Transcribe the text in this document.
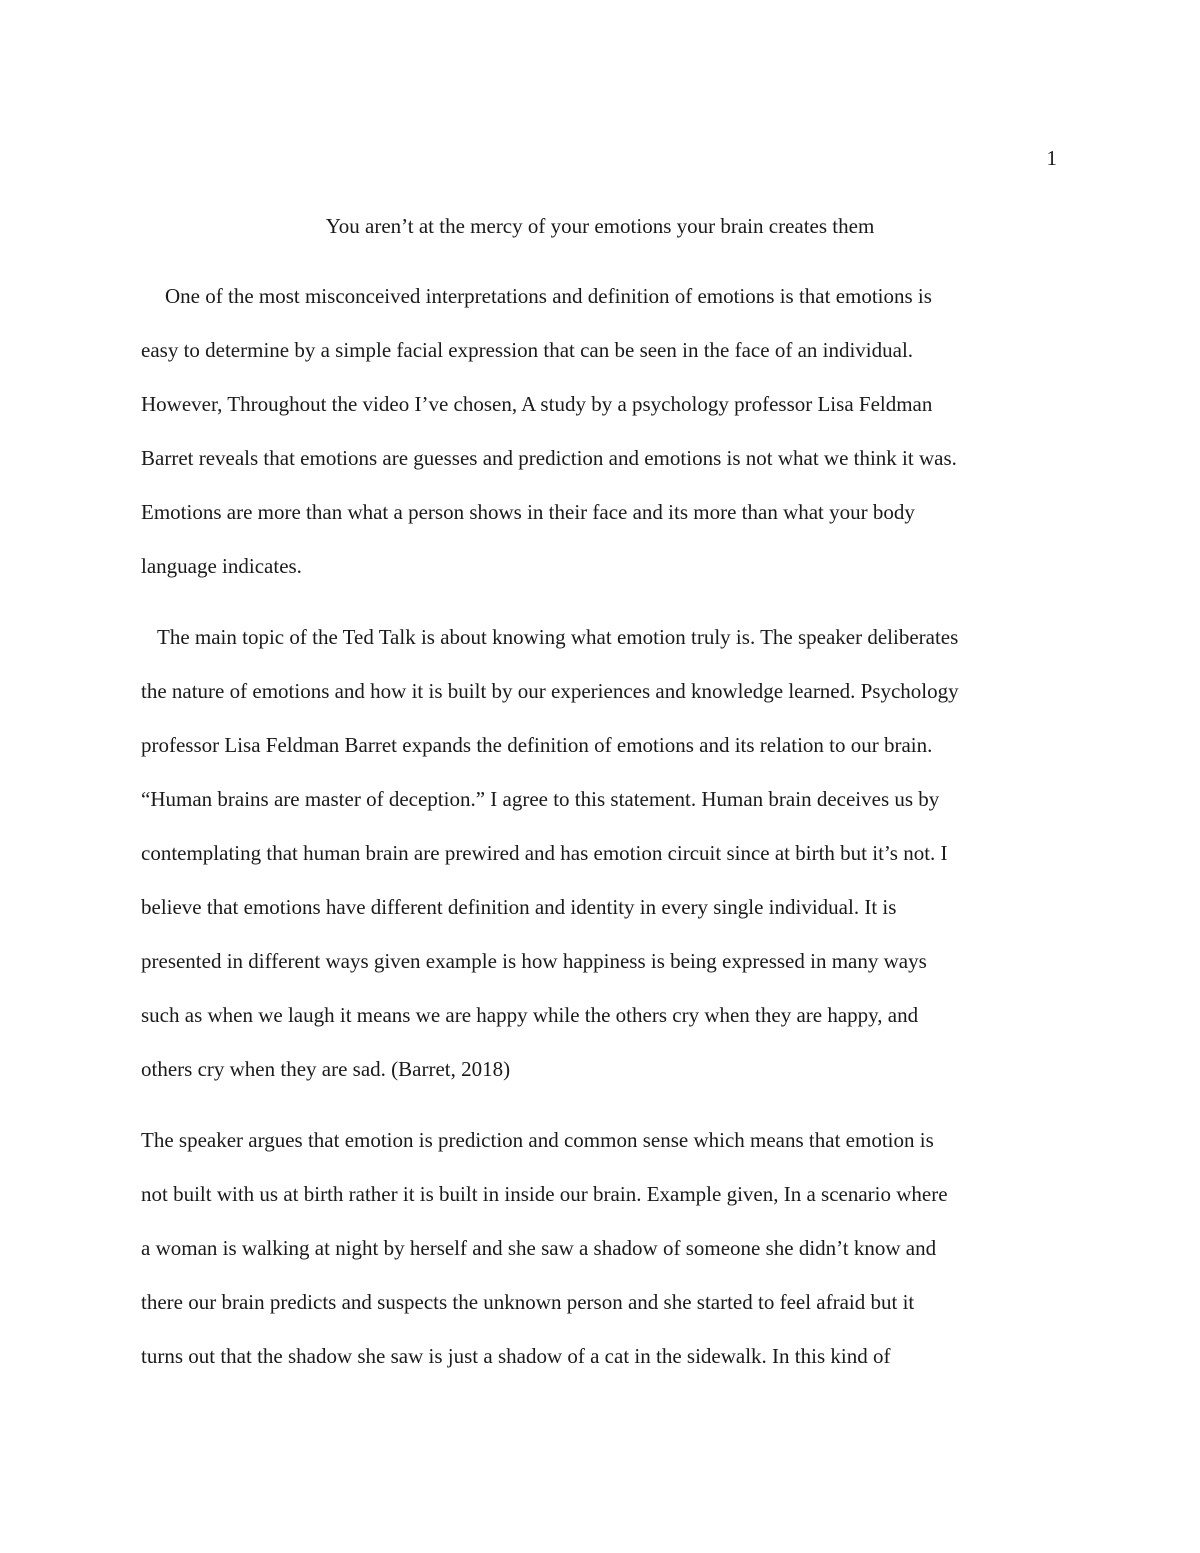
1
You aren’t at the mercy of your emotions your brain creates them
One of the most misconceived interpretations and definition of emotions is that emotions is
easy to determine by a simple facial expression that can be seen in the face of an individual.
However, Throughout the video I’ve chosen, A study by a psychology professor Lisa Feldman
Barret reveals that emotions are guesses and prediction and emotions is not what we think it was.
Emotions are more than what a person shows in their face and its more than what your body
language indicates.
The main topic of the Ted Talk is about knowing what emotion truly is. The speaker deliberates
the nature of emotions and how it is built by our experiences and knowledge learned. Psychology
professor Lisa Feldman Barret expands the definition of emotions and its relation to our brain.
“Human brains are master of deception.” I agree to this statement. Human brain deceives us by
contemplating that human brain are prewired and has emotion circuit since at birth but it’s not. I
believe that emotions have different definition and identity in every single individual. It is
presented in different ways given example is how happiness is being expressed in many ways
such as when we laugh it means we are happy while the others cry when they are happy, and
others cry when they are sad. (Barret, 2018)
The speaker argues that emotion is prediction and common sense which means that emotion is
not built with us at birth rather it is built in inside our brain. Example given, In a scenario where
a woman is walking at night by herself and she saw a shadow of someone she didn’t know and
there our brain predicts and suspects the unknown person and she started to feel afraid but it
turns out that the shadow she saw is just a shadow of a cat in the sidewalk. In this kind of
